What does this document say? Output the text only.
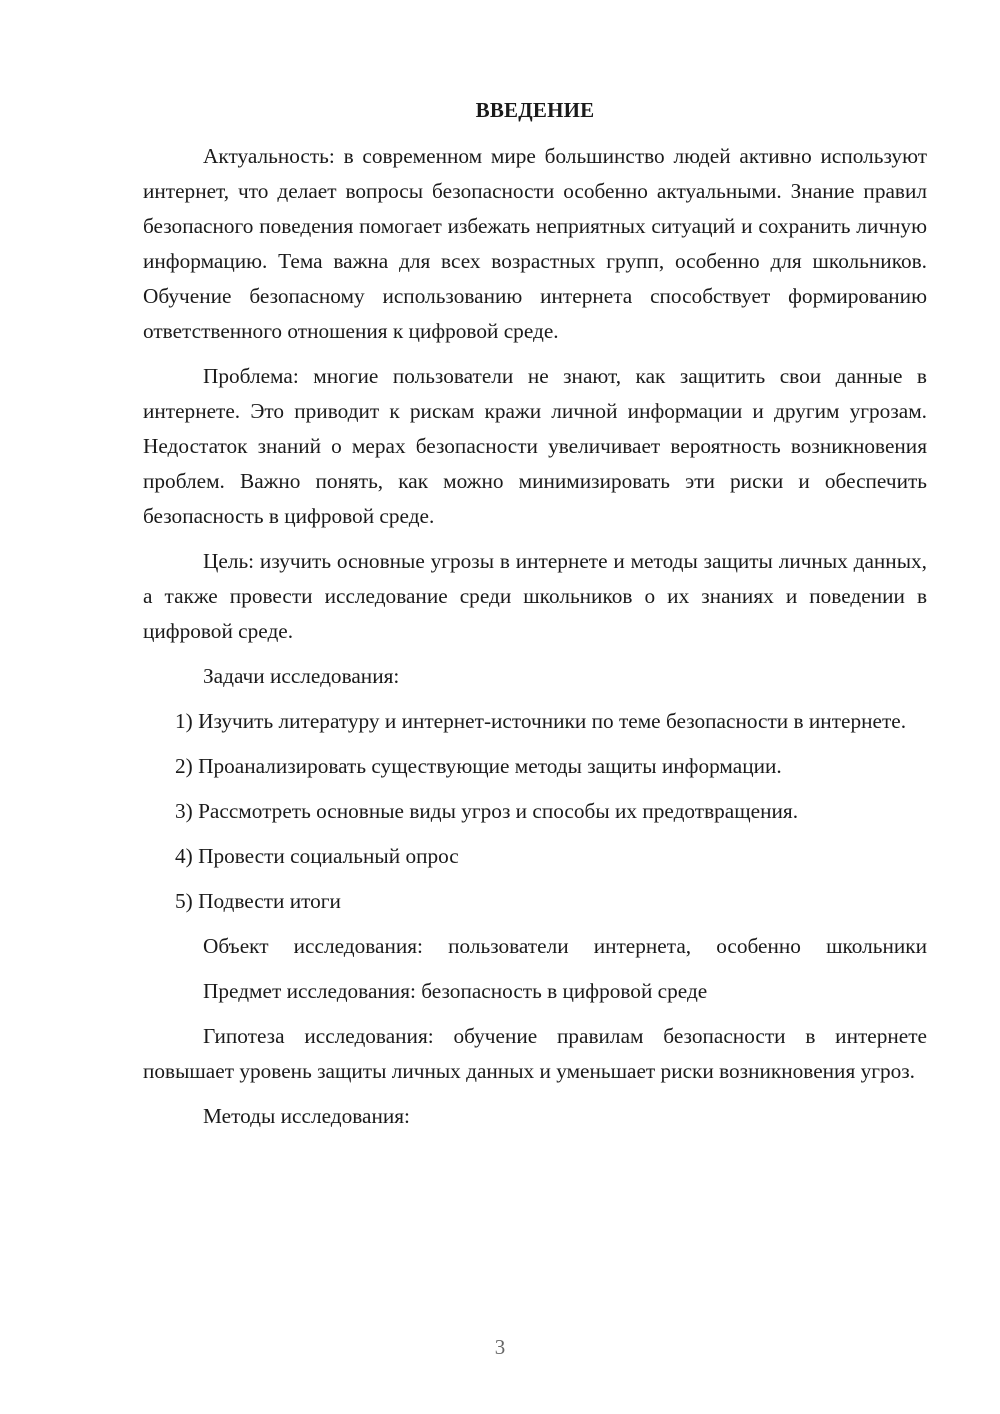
ВВЕДЕНИЕ

Актуальность: в современном мире большинство людей активно используют интернет, что делает вопросы безопасности особенно актуальными. Знание правил безопасного поведения помогает избежать неприятных ситуаций и сохранить личную информацию. Тема важна для всех возрастных групп, особенно для школьников. Обучение безопасному использованию интернета способствует формированию ответственного отношения к цифровой среде.

Проблема: многие пользователи не знают, как защитить свои данные в интернете. Это приводит к рискам кражи личной информации и другим угрозам. Недостаток знаний о мерах безопасности увеличивает вероятность возникновения проблем. Важно понять, как можно минимизировать эти риски и обеспечить безопасность в цифровой среде.

Цель: изучить основные угрозы в интернете и методы защиты личных данных, а также провести исследование среди школьников о их знаниях и поведении в цифровой среде.

Задачи исследования:

1) Изучить литературу и интернет-источники по теме безопасности в интернете.

2) Проанализировать существующие методы защиты информации.

3) Рассмотреть основные виды угроз и способы их предотвращения.

4) Провести социальный опрос

5) Подвести итоги

Объект исследования: пользователи интернета, особенно школьники

Предмет исследования: безопасность в цифровой среде

Гипотеза исследования: обучение правилам безопасности в интернете повышает уровень защиты личных данных и уменьшает риски возникновения угроз.

Методы исследования:

3
